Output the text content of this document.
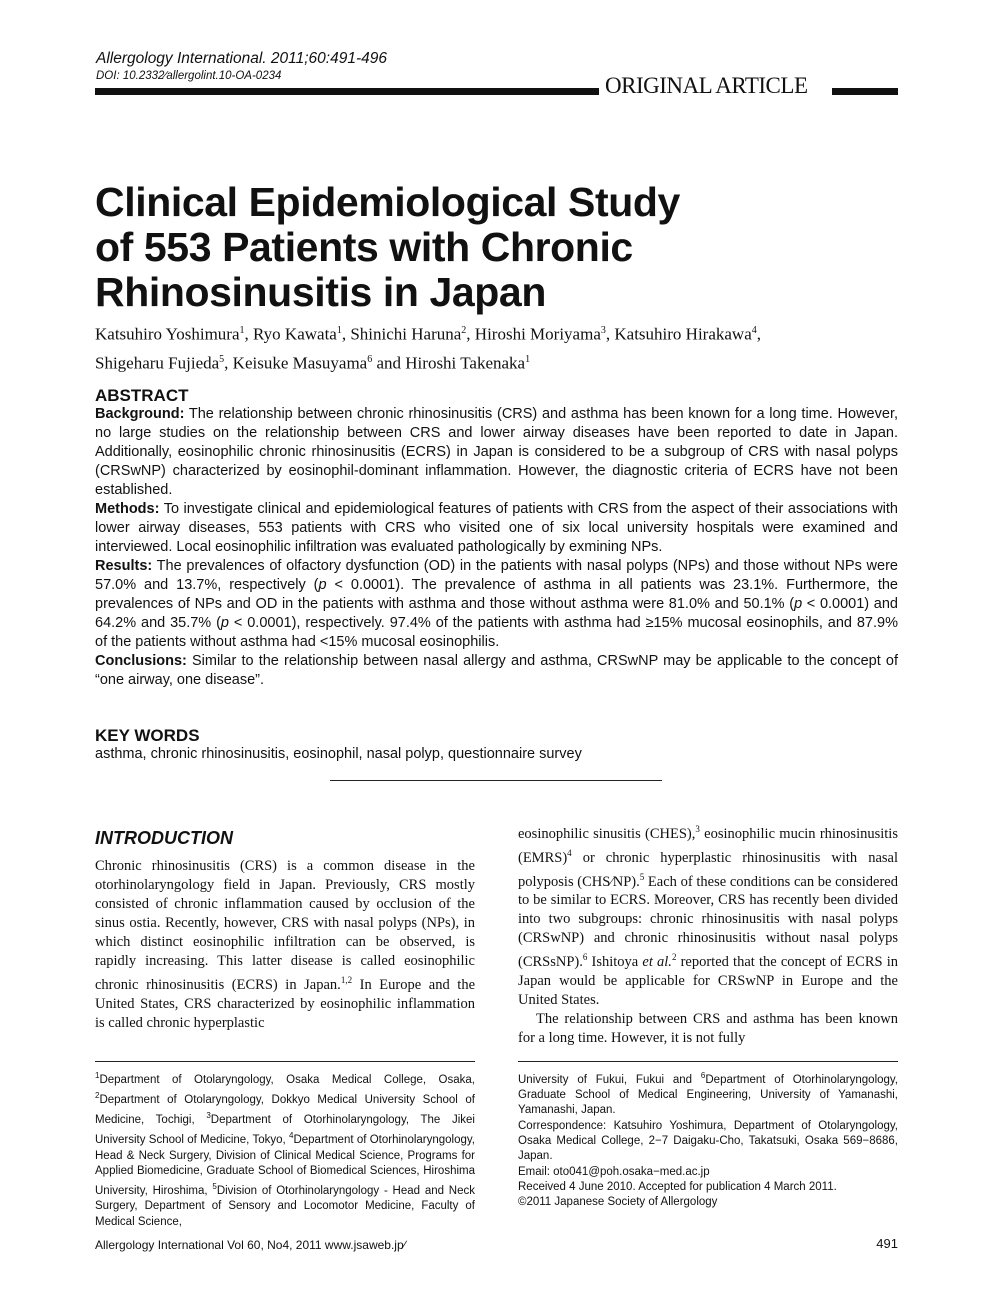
Allergology International. 2011;60:491-496
DOI: 10.2332∕allergolint.10-OA-0234	ORIGINAL ARTICLE
Clinical Epidemiological Study
of 553 Patients with Chronic
Rhinosinusitis in Japan

Katsuhiro Yoshimura$^1$, Ryo Kawata$^1$, Shinichi Haruna$^2$, Hiroshi Moriyama$^3$, Katsuhiro Hirakawa$^4$,
Shigeharu Fujieda$^5$, Keisuke Masuyama$^6$ and Hiroshi Takenaka$^1$

ABSTRACT

Background: The relationship between chronic rhinosinusitis (CRS) and asthma has been known for a long time. However, no large studies on the relationship between CRS and lower airway diseases have been reported to date in Japan. Additionally, eosinophilic chronic rhinosinusitis (ECRS) in Japan is considered to be a subgroup of CRS with nasal polyps (CRSwNP) characterized by eosinophil-dominant inflammation. However, the diagnostic criteria of ECRS have not been established.

Methods: To investigate clinical and epidemiological features of patients with CRS from the aspect of their associations with lower airway diseases, 553 patients with CRS who visited one of six local university hospitals were examined and interviewed. Local eosinophilic infiltration was evaluated pathologically by exmining NPs.

Results: The prevalences of olfactory dysfunction (OD) in the patients with nasal polyps (NPs) and those without NPs were 57.0% and 13.7%, respectively (p < 0.0001). The prevalence of asthma in all patients was 23.1%. Furthermore, the prevalences of NPs and OD in the patients with asthma and those without asthma were 81.0% and 50.1% (p < 0.0001) and 64.2% and 35.7% (p < 0.0001), respectively. 97.4% of the patients with asthma had ≥15% mucosal eosinophils, and 87.9% of the patients without asthma had <15% mucosal eosinophilis.

Conclusions: Similar to the relationship between nasal allergy and asthma, CRSwNP may be applicable to the concept of “one airway, one disease”.

KEY WORDS
asthma, chronic rhinosinusitis, eosinophil, nasal polyp, questionnaire survey
INTRODUCTION

Chronic rhinosinusitis (CRS) is a common disease in the otorhinolaryngology field in Japan. Previously, CRS mostly consisted of chronic inflammation caused by occlusion of the sinus ostia. Recently, however, CRS with nasal polyps (NPs), in which distinct eosinophilic infiltration can be observed, is rapidly increasing. This latter disease is called eosinophilic chronic rhinosinusitis (ECRS) in Japan.$^{1,2}$ In Europe and the United States, CRS characterized by eosinophilic inflammation is called chronic hyperplastic

eosinophilic sinusitis (CHES),$^3$ eosinophilic mucin rhinosinusitis (EMRS)$^4$ or chronic hyperplastic rhinosinusitis with nasal polyposis (CHS∕NP).$^5$ Each of these conditions can be considered to be similar to ECRS. Moreover, CRS has recently been divided into two subgroups: chronic rhinosinusitis with nasal polyps (CRSwNP) and chronic rhinosinusitis without nasal polyps (CRSsNP).$^6$ Ishitoya et al.$^2$ reported that the concept of ECRS in Japan would be applicable for CRSwNP in Europe and the United States.

The relationship between CRS and asthma has been known for a long time. However, it is not fully

$^1$Department of Otolaryngology, Osaka Medical College, Osaka, $^2$Department of Otolaryngology, Dokkyo Medical University School of Medicine, Tochigi, $^3$Department of Otorhinolaryngology, The Jikei University School of Medicine, Tokyo, $^4$Department of Otorhinolaryngology, Head & Neck Surgery, Division of Clinical Medical Science, Programs for Applied Biomedicine, Graduate School of Biomedical Sciences, Hiroshima University, Hiroshima, $^5$Division of Otorhinolaryngology - Head and Neck Surgery, Department of Sensory and Locomotor Medicine, Faculty of Medical Science,

University of Fukui, Fukui and $^6$Department of Otorhinolaryngology, Graduate School of Medical Engineering, University of Yamanashi, Yamanashi, Japan.

Correspondence: Katsuhiro Yoshimura, Department of Otolaryngology, Osaka Medical College, 2−7 Daigaku-Cho, Takatsuki, Osaka 569−8686, Japan.

Email: oto041@poh.osaka−med.ac.jp

Received 4 June 2010. Accepted for publication 4 March 2011.

©2011 Japanese Society of Allergology

Allergology International Vol 60, No4, 2011 www.jsaweb.jp∕	491
